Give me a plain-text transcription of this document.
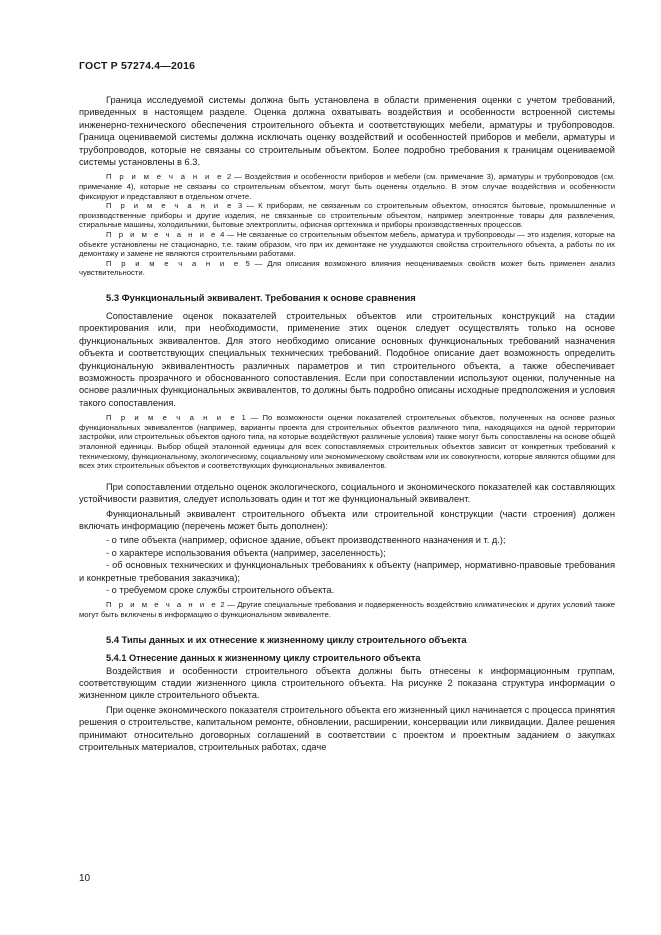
ГОСТ Р 57274.4—2016

Граница исследуемой системы должна быть установлена в области применения оценки с учетом требований, приведенных в настоящем разделе. Оценка должна охватывать воздействия и особенности встроенной системы инженерно-технического обеспечения строительного объекта и соответствующих мебели, арматуры и трубопроводов. Граница оцениваемой системы должна исключать оценку воздействий и особенностей приборов и мебели, арматуры и трубопроводов, которые не связаны со строительным объектом. Более подробно требования к границам оцениваемой системы установлены в 6.3.

П р и м е ч а н и е 2 — Воздействия и особенности приборов и мебели (см. примечание 3), арматуры и трубопроводов (см. примечание 4), которые не связаны со строительным объектом, могут быть оценены отдельно. В этом случае воздействия и особенности фиксируют и представляют в отдельном отчете.

П р и м е ч а н и е 3 — К приборам, не связанным со строительным объектом, относятся бытовые, промышленные и производственные приборы и другие изделия, не связанные со строительным объектом, например электронные товары для развлечения, стиральные машины, холодильники, бытовые электроплиты, офисная оргтехника и приборы производственных процессов.

П р и м е ч а н и е 4 — Не связанные со строительным объектом мебель, арматура и трубопроводы — это изделия, которые на объекте установлены не стационарно, т.е. таким образом, что при их демонтаже не ухудшаются свойства строительного объекта, а работы по их демонтажу и замене не являются строительными работами.

П р и м е ч а н и е 5 — Для описания возможного влияния неоцениваемых свойств может быть применен анализ чувствительности.

5.3 Функциональный эквивалент. Требования к основе сравнения

Сопоставление оценок показателей строительных объектов или строительных конструкций на стадии проектирования или, при необходимости, применение этих оценок следует осуществлять только на основе функциональных эквивалентов. Для этого необходимо описание основных функциональных требований назначения объекта и соответствующих специальных технических требований. Подобное описание дает возможность определить функциональную эквивалентность различных параметров и тип строительного объекта, а также обеспечивает возможность прозрачного и обоснованного сопоставления. Если при сопоставлении используют оценки, полученные на основе различных функциональных эквивалентов, то должны быть подробно описаны исходные предположения и условия такого сопоставления.

П р и м е ч а н и е 1 — По возможности оценки показателей строительных объектов, полученных на основе разных функциональных эквивалентов (например, варианты проекта для строительных объектов различного типа, находящихся на одной территории застройки, или строительных объектов одного типа, на которые воздействуют различные условия) также могут быть сопоставлены на основе общей эталонной единицы. Выбор общей эталонной единицы для всех сопоставляемых строительных объектов зависит от конкретных требований к техническому, функциональному, экологическому, социальному или экономическому свойствам или их совокупности, которые являются общими для всех этих строительных объектов и соответствующих функциональных эквивалентов.

При сопоставлении отдельно оценок экологического, социального и экономического показателей как составляющих устойчивости развития, следует использовать один и тот же функциональный эквивалент.

Функциональный эквивалент строительного объекта или строительной конструкции (части строения) должен включать информацию (перечень может быть дополнен):

- о типе объекта (например, офисное здание, объект производственного назначения и т. д.);

- о характере использования объекта (например, заселенность);

- об основных технических и функциональных требованиях к объекту (например, нормативно-правовые требования и конкретные требования заказчика);

- о требуемом сроке службы строительного объекта.

П р и м е ч а н и е 2 — Другие специальные требования и подверженность воздействию климатических и других условий также могут быть включены в информацию о функциональном эквиваленте.

5.4 Типы данных и их отнесение к жизненному циклу строительного объекта
5.4.1 Отнесение данных к жизненному циклу строительного объекта

Воздействия и особенности строительного объекта должны быть отнесены к информационным группам, соответствующим стадии жизненного цикла строительного объекта. На рисунке 2 показана структура информации о жизненном цикле строительного объекта.

При оценке экономического показателя строительного объекта его жизненный цикл начинается с процесса принятия решения о строительстве, капитальном ремонте, обновлении, расширении, консервации или ликвидации. Далее решения принимают относительно договорных соглашений в соответствии с проектом и проектным заданием о закупках строительных материалов, строительных работах, сдаче

10
